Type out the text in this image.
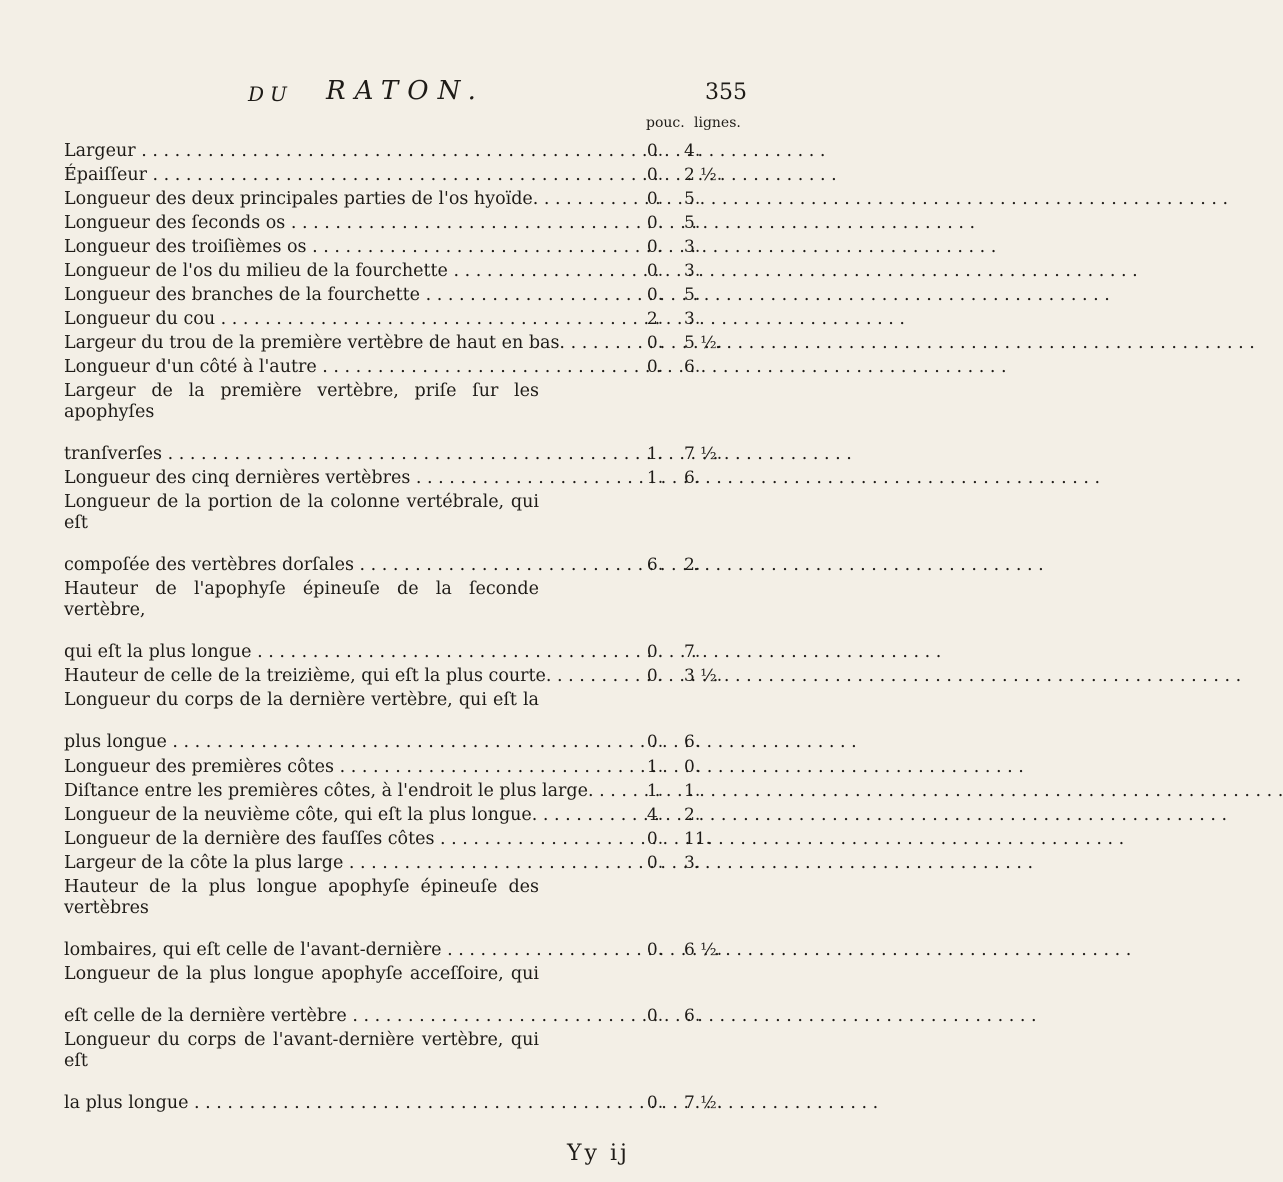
DU RATON.	355
pouc. lignes.
Largeur . . .	0. 4.
Épaiſſeur . . .	0. 2 ½.
Longueur des deux principales parties de l'os hyoïde. . . .	0. 5.
Longueur des ſeconds os . . .	0. 5.
Longueur des troiſièmes os . . .	0. 3.
Longueur de l'os du milieu de la fourchette . . .	0. 3.
Longueur des branches de la fourchette . . .	0. 5.
Longueur du cou . . .	2. 3.
Largeur du trou de la première vertèbre de haut en bas. . . .	0. 5 ½.
Longueur d'un côté à l'autre . . .	0. 6.
Largeur de la première vertèbre, priſe ſur les apophyſes
tranſverſes . . .	1. 7 ½.
Longueur des cinq dernières vertèbres . . .	1. 6.
Longueur de la portion de la colonne vertébrale, qui eſt
compoſée des vertèbres dorſales . . .	6. 2.
Hauteur de l'apophyſe épineuſe de la ſeconde vertèbre,
qui eſt la plus longue . . .	0. 7.
Hauteur de celle de la treizième, qui eſt la plus courte. . . .	0. 3 ½.
Longueur du corps de la dernière vertèbre, qui eſt la
plus longue . . .	0. 6.
Longueur des premières côtes . . .	1. 0.
Diſtance entre les premières côtes, à l'endroit le plus large. . . .	1. 1.
Longueur de la neuvième côte, qui eſt la plus longue. . . .	4. 2.
Longueur de la dernière des fauſſes côtes . . .	0. 11.
Largeur de la côte la plus large . . .	0. 3.
Hauteur de la plus longue apophyſe épineuſe des vertèbres
lombaires, qui eſt celle de l'avant-dernière . . .	0. 6 ½.
Longueur de la plus longue apophyſe acceſſoire, qui
eſt celle de la dernière vertèbre . . .	0. 6.
Longueur du corps de l'avant-dernière vertèbre, qui eſt
la plus longue . . .	0. 7 ½.
Yy ij
